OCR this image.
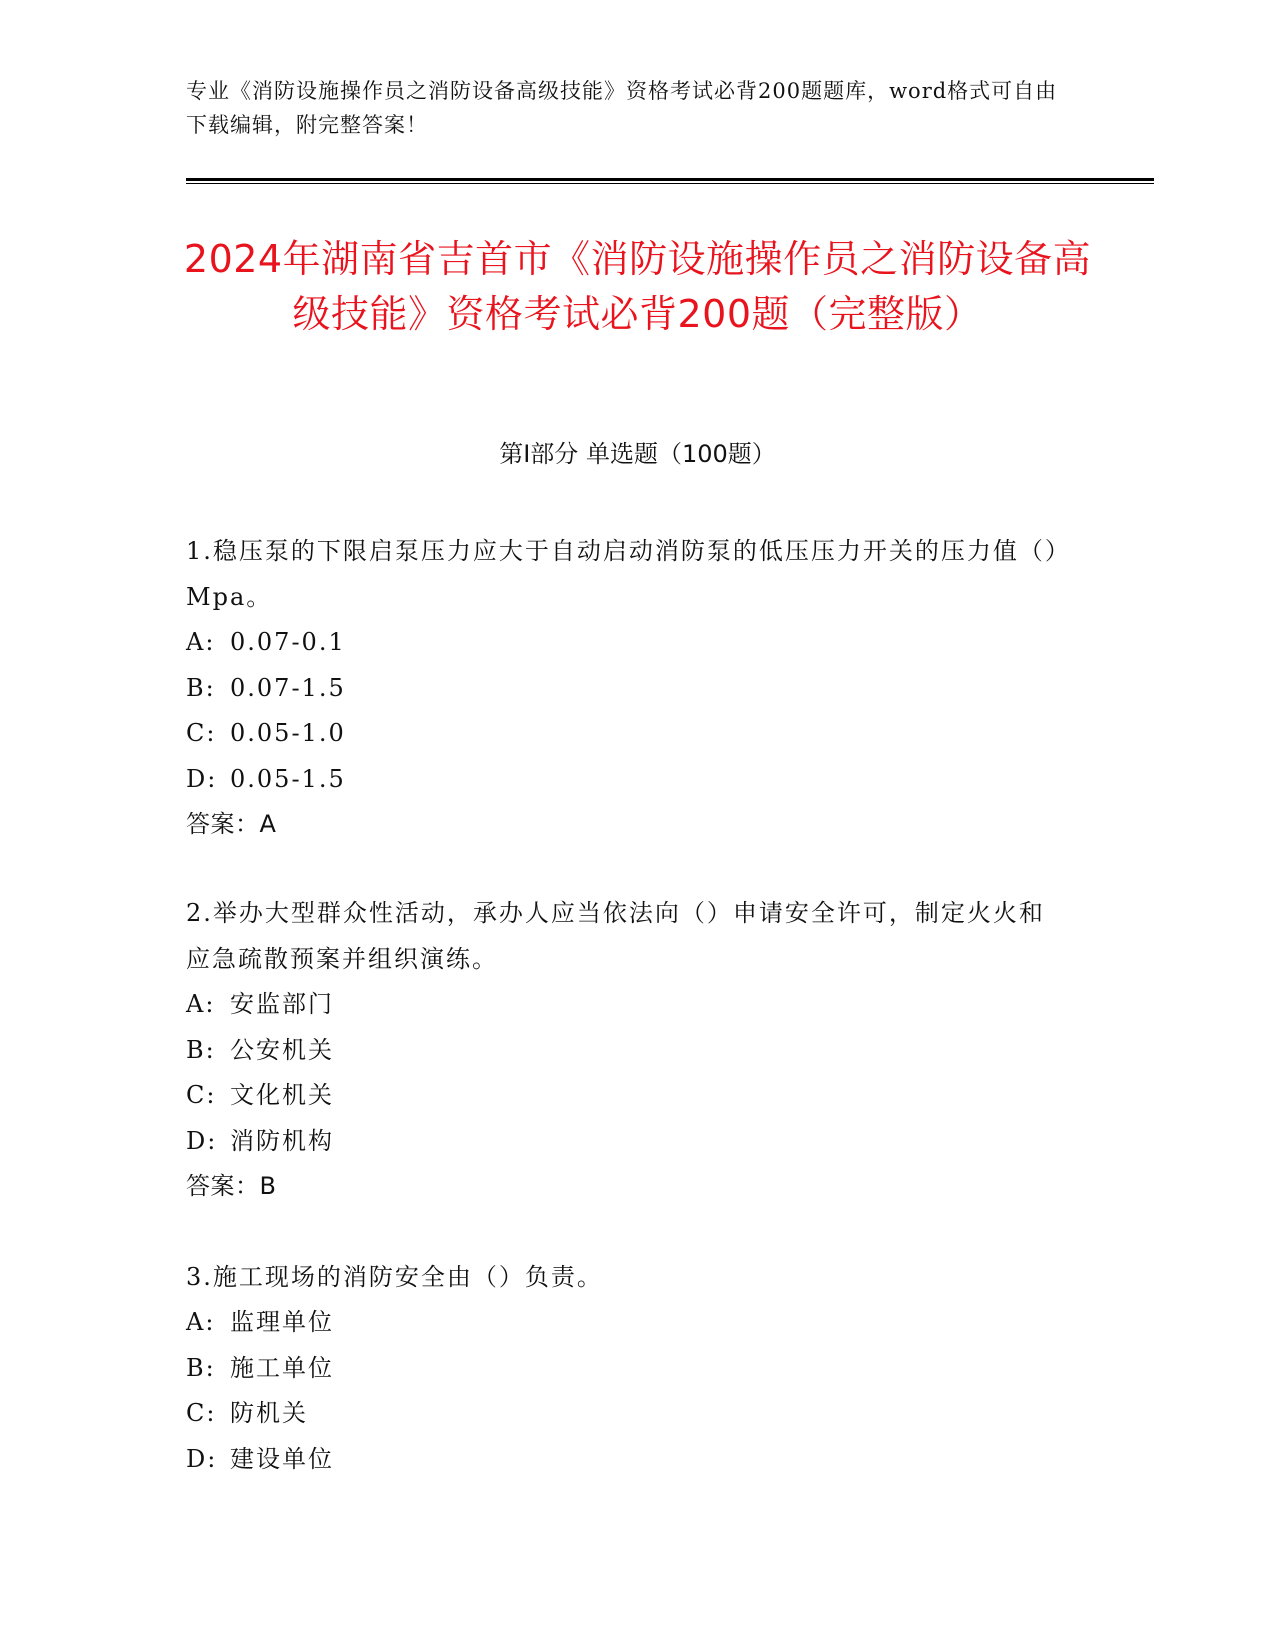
专业《消防设施操作员之消防设备高级技能》资格考试必背200题题库，word格式可自由下载编辑，附完整答案！
2024年湖南省吉首市《消防设施操作员之消防设备高级技能》资格考试必背200题（完整版）
第I部分 单选题（100题）
1.稳压泵的下限启泵压力应大于自动启动消防泵的低压压力开关的压力值（）Mpa。
A: 0.07-0.1
B: 0.07-1.5
C: 0.05-1.0
D: 0.05-1.5
答案：A
2.举办大型群众性活动，承办人应当依法向（）申请安全许可，制定火火和应急疏散预案并组织演练。
A: 安监部门
B: 公安机关
C: 文化机关
D: 消防机构
答案：B
3.施工现场的消防安全由（）负责。
A: 监理单位
B: 施工单位
C: 防机关
D: 建设单位
